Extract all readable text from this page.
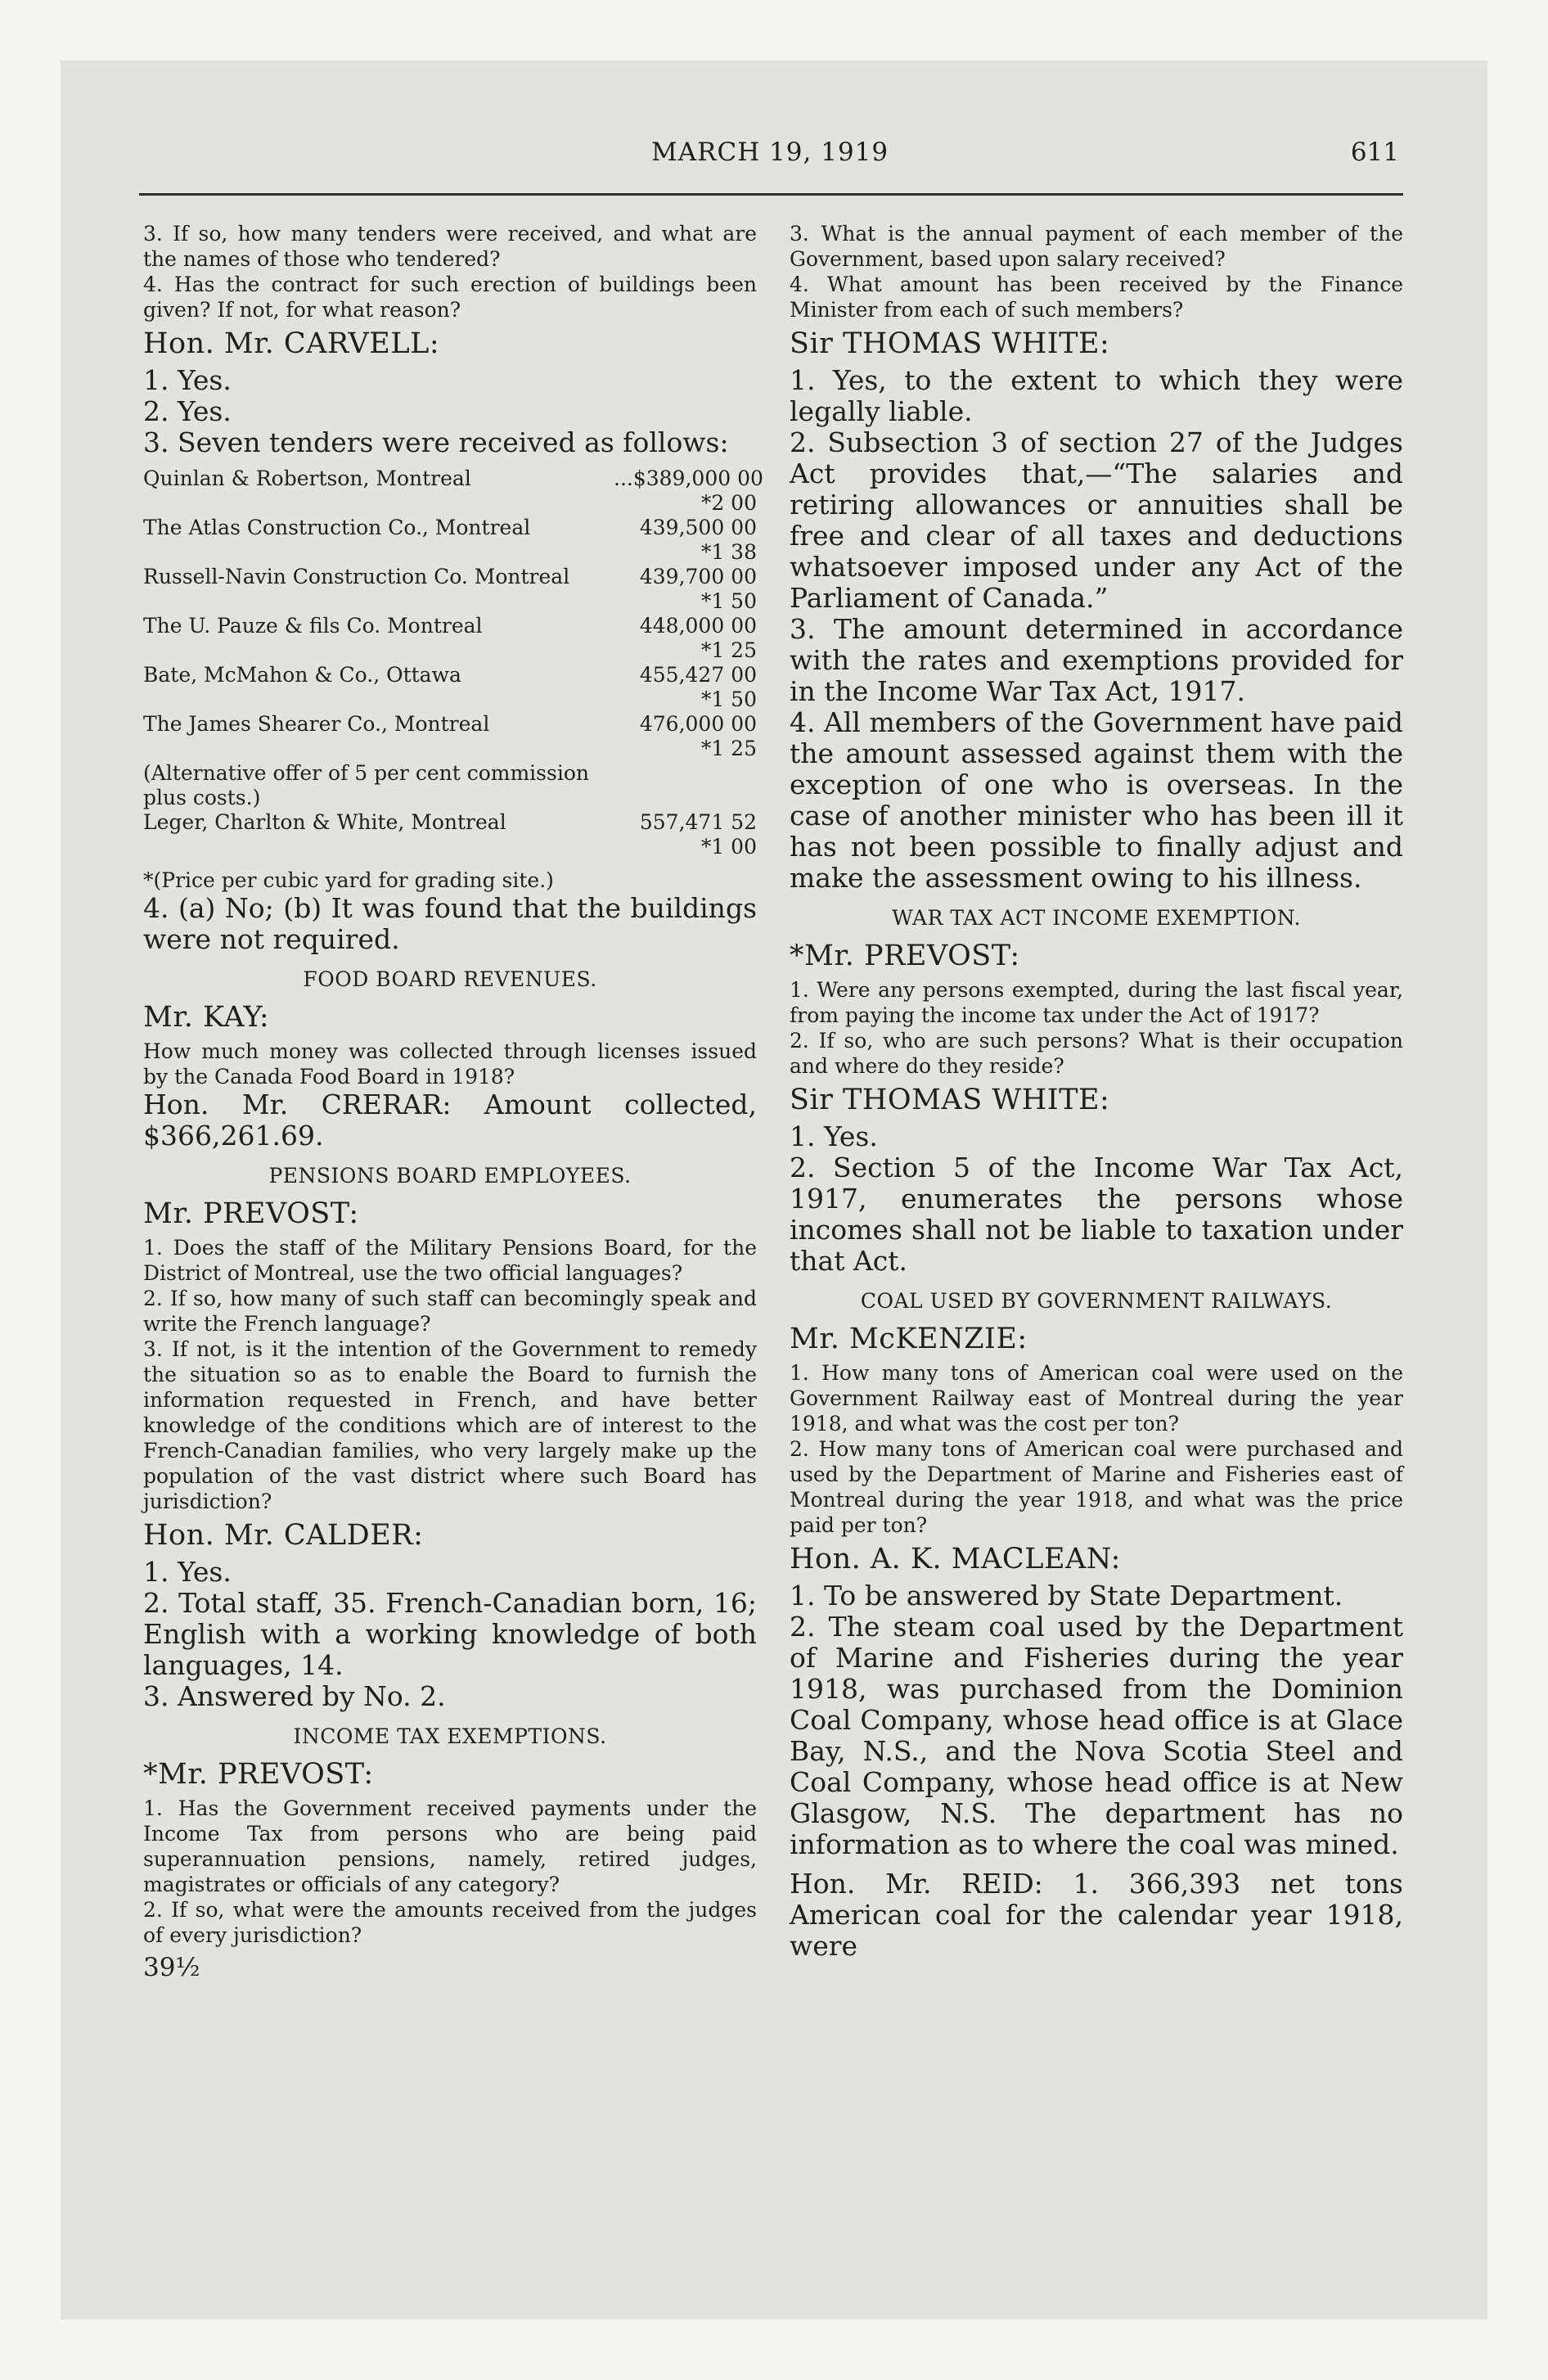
MARCH 19, 1919	611

3. If so, how many tenders were received, and what are the names of those who tendered?

4. Has the contract for such erection of buildings been given? If not, for what reason?

Hon. Mr. CARVELL:

1. Yes.

2. Yes.

3. Seven tenders were received as follows:

Quinlan & Robertson, Montreal	...$389,000 00
*2 00
The Atlas Construction Co., Montreal	439,500 00
*1 38
Russell-Navin Construction Co. Montreal	439,700 00
*1 50
The U. Pauze & fils Co. Montreal	448,000 00
*1 25
Bate, McMahon & Co., Ottawa	455,427 00
*1 50
The James Shearer Co., Montreal	476,000 00
*1 25
(Alternative offer of 5 per cent commission plus costs.)
Leger, Charlton & White, Montreal	557,471 52
*1 00

*(Price per cubic yard for grading site.)

4. (a) No; (b) It was found that the buildings were not required.

FOOD BOARD REVENUES.

Mr. KAY:

How much money was collected through licenses issued by the Canada Food Board in 1918?

Hon. Mr. CRERAR: Amount collected, $366,261.69.

PENSIONS BOARD EMPLOYEES.

Mr. PREVOST:

1. Does the staff of the Military Pensions Board, for the District of Montreal, use the two official languages?

2. If so, how many of such staff can becomingly speak and write the French language?

3. If not, is it the intention of the Government to remedy the situation so as to enable the Board to furnish the information requested in French, and have better knowledge of the conditions which are of interest to the French-Canadian families, who very largely make up the population of the vast district where such Board has jurisdiction?

Hon. Mr. CALDER:

1. Yes.

2. Total staff, 35. French-Canadian born, 16; English with a working knowledge of both languages, 14.

3. Answered by No. 2.

INCOME TAX EXEMPTIONS.

*Mr. PREVOST:

1. Has the Government received payments under the Income Tax from persons who are being paid superannuation pensions, namely, retired judges, magistrates or officials of any category?

2. If so, what were the amounts received from the judges of every jurisdiction?

39½

3. What is the annual payment of each member of the Government, based upon salary received?

4. What amount has been received by the Finance Minister from each of such members?

Sir THOMAS WHITE:

1. Yes, to the extent to which they were legally liable.

2. Subsection 3 of section 27 of the Judges Act provides that,—“The salaries and retiring allowances or annuities shall be free and clear of all taxes and deductions whatsoever imposed under any Act of the Parliament of Canada.”

3. The amount determined in accordance with the rates and exemptions provided for in the Income War Tax Act, 1917.

4. All members of the Government have paid the amount assessed against them with the exception of one who is overseas. In the case of another minister who has been ill it has not been possible to finally adjust and make the assessment owing to his illness.

WAR TAX ACT INCOME EXEMPTION.

*Mr. PREVOST:

1. Were any persons exempted, during the last fiscal year, from paying the income tax under the Act of 1917?

2. If so, who are such persons? What is their occupation and where do they reside?

Sir THOMAS WHITE:

1. Yes.

2. Section 5 of the Income War Tax Act, 1917, enumerates the persons whose incomes shall not be liable to taxation under that Act.

COAL USED BY GOVERNMENT RAILWAYS.

Mr. McKENZIE:

1. How many tons of American coal were used on the Government Railway east of Montreal during the year 1918, and what was the cost per ton?

2. How many tons of American coal were purchased and used by the Department of Marine and Fisheries east of Montreal during the year 1918, and what was the price paid per ton?

Hon. A. K. MACLEAN:

1. To be answered by State Department.

2. The steam coal used by the Department of Marine and Fisheries during the year 1918, was purchased from the Dominion Coal Company, whose head office is at Glace Bay, N.S., and the Nova Scotia Steel and Coal Company, whose head office is at New Glasgow, N.S. The department has no information as to where the coal was mined.

Hon. Mr. REID: 1. 366,393 net tons American coal for the calendar year 1918, were
